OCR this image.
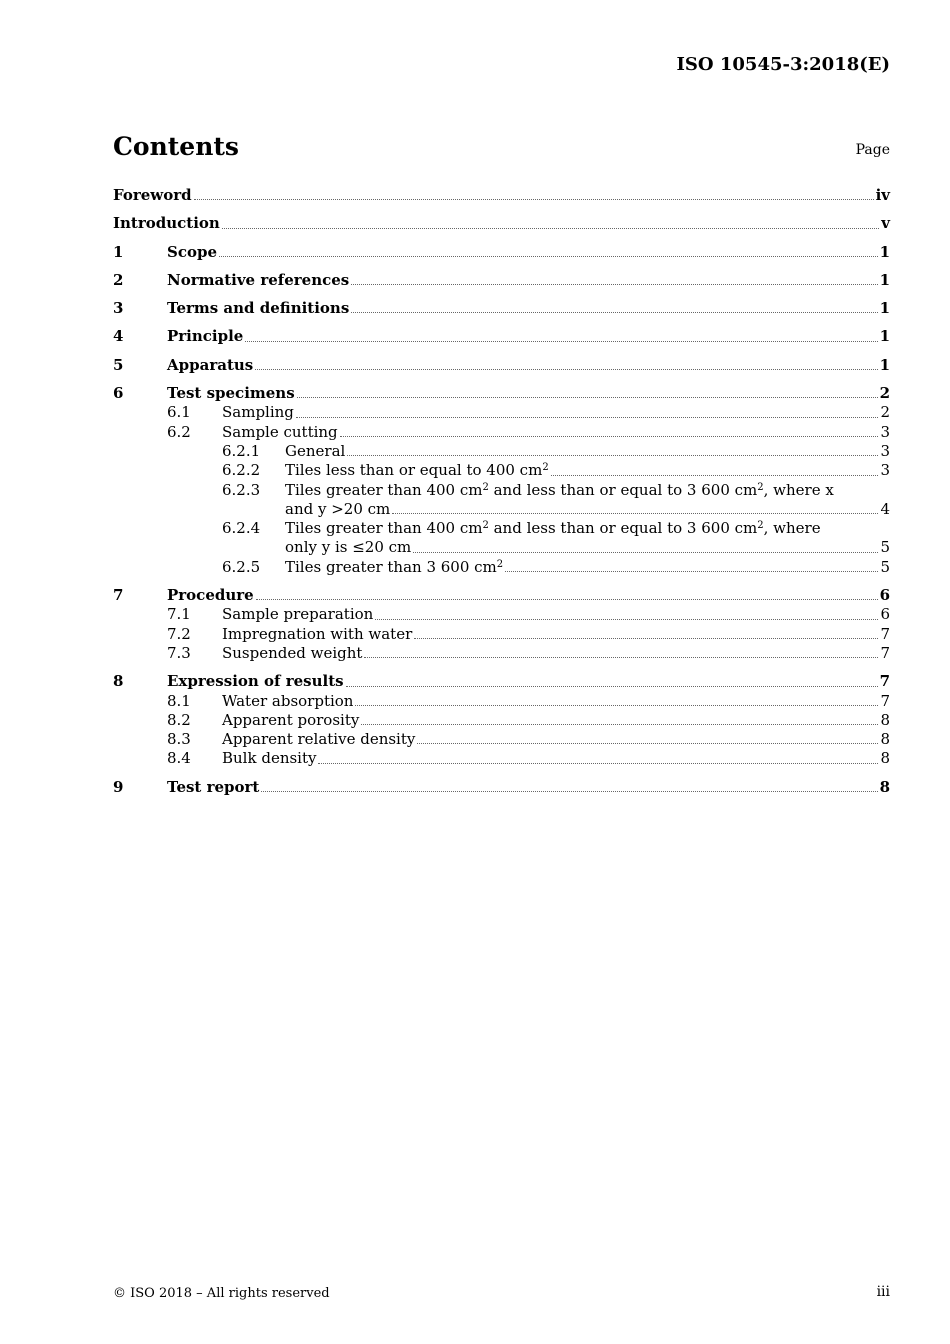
ISO 10545-3:2018(E)
Contents	Page
Foreword	iv
Introduction	v
1	Scope	1
2	Normative references	1
3	Terms and definitions	1
4	Principle	1
5	Apparatus	1
6	Test specimens	2
6.1 Sampling	2
6.2 Sample cutting	3
6.2.1 General	3
6.2.2 Tiles less than or equal to 400 $cm^2$	3
6.2.3 Tiles greater than 400 $cm^2$ and less than or equal to 3 600 $cm^2$, where x
and y >20 cm	4
6.2.4 Tiles greater than 400 $cm^2$ and less than or equal to 3 600 $cm^2$, where
only y is ≤20 cm	5
6.2.5 Tiles greater than 3 600 $cm^2$	5
7	Procedure	6
7.1 Sample preparation	6
7.2 Impregnation with water	7
7.3 Suspended weight	7
8	Expression of results	7
8.1 Water absorption	7
8.2 Apparent porosity	8
8.3 Apparent relative density	8
8.4 Bulk density	8
9	Test report	8
© ISO 2018 – All rights reserved	iii
